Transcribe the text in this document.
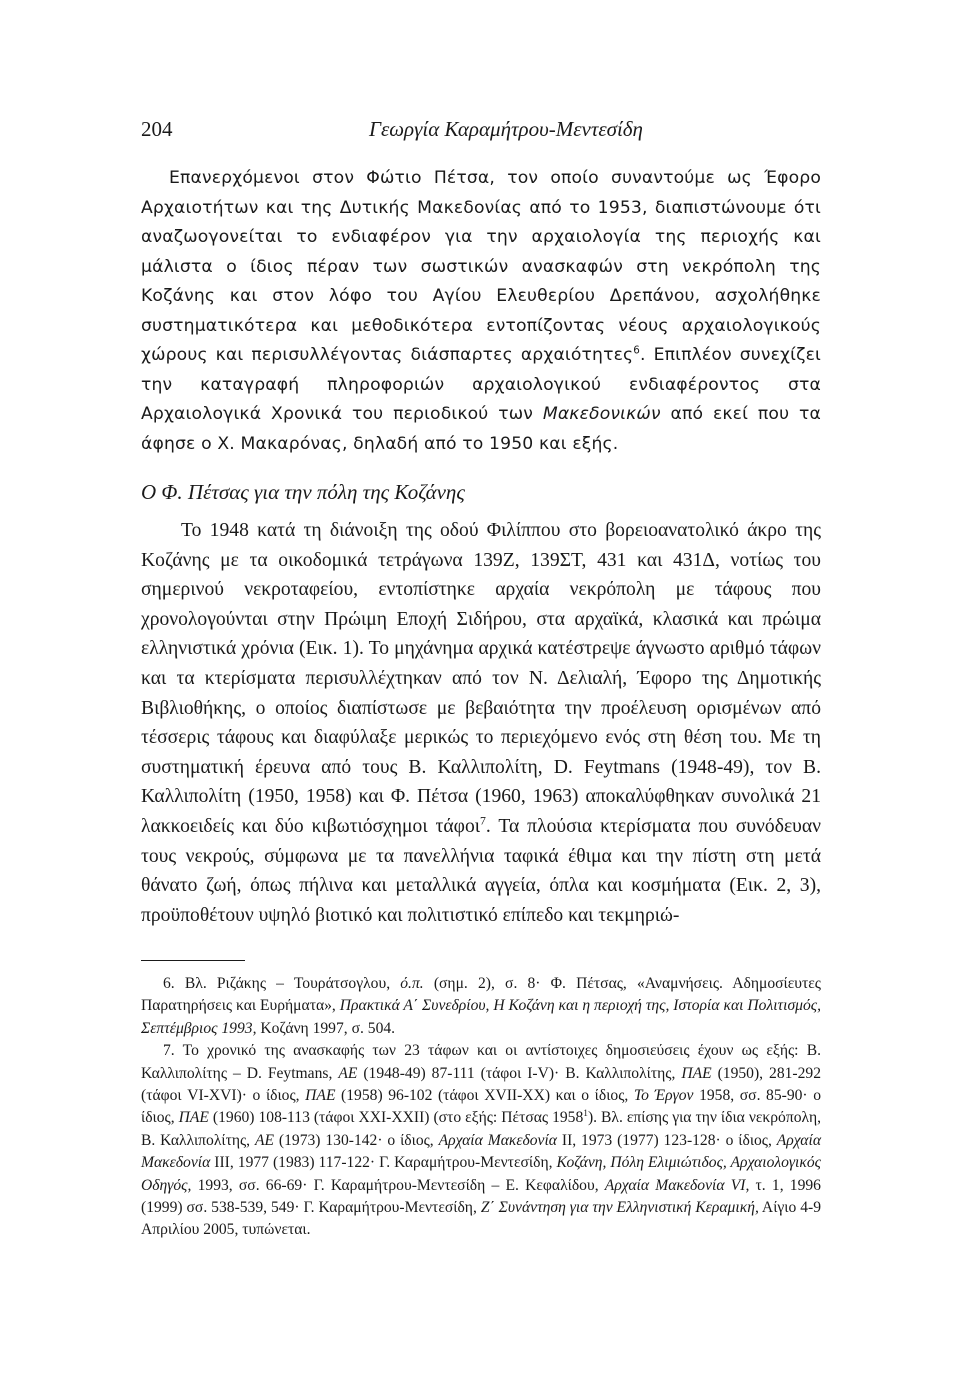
204	Γεωργία Καραμήτρου-Μεντεσίδη

Επανερχόμενοι στον Φώτιο Πέτσα, τον οποίο συναντούμε ως Έφορο Αρχαιοτήτων και της Δυτικής Μακεδονίας από το 1953, διαπιστώνουμε ότι αναζωογονείται το ενδιαφέρον για την αρχαιολογία της περιοχής και μάλιστα ο ίδιος πέραν των σωστικών ανασκαφών στη νεκρόπολη της Κοζάνης και στον λόφο του Αγίου Ελευθερίου Δρεπάνου, ασχολήθηκε συστηματικότερα και μεθοδικότερα εντοπίζοντας νέους αρχαιολογικούς χώρους και περισυλλέγοντας διάσπαρτες αρχαιότητες$^6$. Επιπλέον συνεχίζει την καταγραφή πληροφοριών αρχαιολογικού ενδιαφέροντος στα Αρχαιολογικά Χρονικά του περιοδικού των Μακεδονικών από εκεί που τα άφησε ο Χ. Μακαρόνας, δηλαδή από το 1950 και εξής.

Ο Φ. Πέτσας για την πόλη της Κοζάνης

Το 1948 κατά τη διάνοιξη της οδού Φιλίππου στο βορειοανατολικό άκρο της Κοζάνης με τα οικοδομικά τετράγωνα 139Ζ, 139ΣΤ, 431 και 431Δ, νοτίως του σημερινού νεκροταφείου, εντοπίστηκε αρχαία νεκρόπολη με τάφους που χρονολογούνται στην Πρώιμη Εποχή Σιδήρου, στα αρχαϊκά, κλασικά και πρώιμα ελληνιστικά χρόνια (Εικ. 1). Το μηχάνημα αρχικά κατέστρεψε άγνωστο αριθμό τάφων και τα κτερίσματα περισυλλέχτηκαν από τον Ν. Δελιαλή, Έφορο της Δημοτικής Βιβλιοθήκης, ο οποίος διαπίστωσε με βεβαιότητα την προέλευση ορισμένων από τέσσερις τάφους και διαφύλαξε μερικώς το περιεχόμενο ενός στη θέση του. Με τη συστηματική έρευνα από τους Β. Καλλιπολίτη, D. Feytmans (1948-49), τον Β. Καλλιπολίτη (1950, 1958) και Φ. Πέτσα (1960, 1963) αποκαλύφθηκαν συνολικά 21 λακκοειδείς και δύο κιβωτιόσχημοι τάφοι$^7$. Τα πλούσια κτερίσματα που συνόδευαν τους νεκρούς, σύμφωνα με τα πανελλήνια ταφικά έθιμα και την πίστη στη μετά θάνατο ζωή, όπως πήλινα και μεταλλικά αγγεία, όπλα και κοσμήματα (Εικ. 2, 3), προϋποθέτουν υψηλό βιοτικό και πολιτιστικό επίπεδο και τεκμηριώ-

6. Βλ. Ριζάκης – Τουράτσογλου, ό.π. (σημ. 2), σ. 8· Φ. Πέτσας, «Αναμνήσεις. Αδημοσίευτες Παρατηρήσεις και Ευρήματα», Πρακτικά Α΄ Συνεδρίου, Η Κοζάνη και η περιοχή της, Ιστορία και Πολιτισμός, Σεπτέμβριος 1993, Κοζάνη 1997, σ. 504.

7. Το χρονικό της ανασκαφής των 23 τάφων και οι αντίστοιχες δημοσιεύσεις έχουν ως εξής: Β. Καλλιπολίτης – D. Feytmans, ΑΕ (1948-49) 87-111 (τάφοι I-V)· Β. Καλλιπολίτης, ΠΑΕ (1950), 281-292 (τάφοι VI-XVI)· ο ίδιος, ΠΑΕ (1958) 96-102 (τάφοι XVII-XX) και ο ίδιος, Το Έργον 1958, σσ. 85-90· ο ίδιος, ΠΑΕ (1960) 108-113 (τάφοι XXI-XXII) (στο εξής: Πέτσας 1958$^1$). Βλ. επίσης για την ίδια νεκρόπολη, Β. Καλλιπολίτης, ΑΕ (1973) 130-142· ο ίδιος, Αρχαία Μακεδονία II, 1973 (1977) 123-128· ο ίδιος, Αρχαία Μακεδονία III, 1977 (1983) 117-122· Γ. Καραμήτρου-Μεντεσίδη, Κοζάνη, Πόλη Ελιμιώτιδος, Αρχαιολογικός Οδηγός, 1993, σσ. 66-69· Γ. Καραμήτρου-Μεντεσίδη – Ε. Κεφαλίδου, Αρχαία Μακεδονία VI, τ. 1, 1996 (1999) σσ. 538-539, 549· Γ. Καραμήτρου-Μεντεσίδη, Ζ΄ Συνάντηση για την Ελληνιστική Κεραμική, Αίγιο 4-9 Απριλίου 2005, τυπώνεται.
